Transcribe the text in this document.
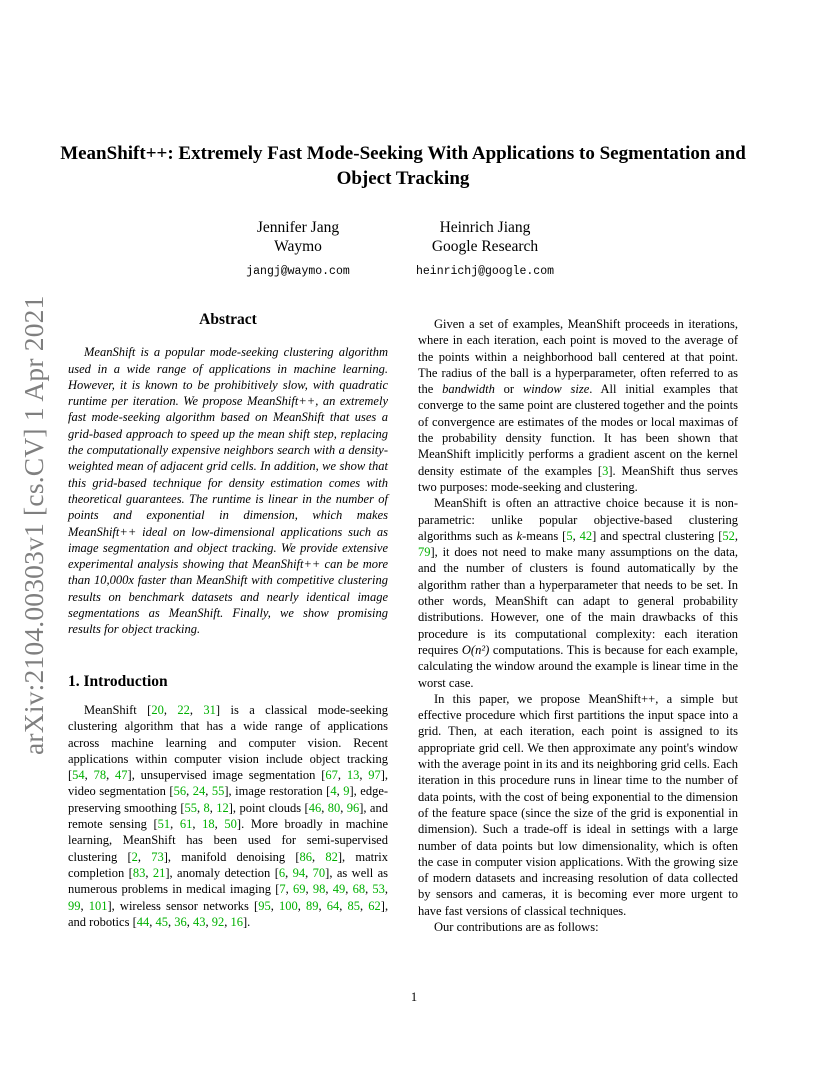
arXiv:2104.00303v1 [cs.CV] 1 Apr 2021
MeanShift++: Extremely Fast Mode-Seeking With Applications to Segmentation and Object Tracking
Jennifer Jang
Waymo
jangj@waymo.com
Heinrich Jiang
Google Research
heinrichj@google.com
Abstract

MeanShift is a popular mode-seeking clustering algorithm used in a wide range of applications in machine learning. However, it is known to be prohibitively slow, with quadratic runtime per iteration. We propose MeanShift++, an extremely fast mode-seeking algorithm based on MeanShift that uses a grid-based approach to speed up the mean shift step, replacing the computationally expensive neighbors search with a density-weighted mean of adjacent grid cells. In addition, we show that this grid-based technique for density estimation comes with theoretical guarantees. The runtime is linear in the number of points and exponential in dimension, which makes MeanShift++ ideal on low-dimensional applications such as image segmentation and object tracking. We provide extensive experimental analysis showing that MeanShift++ can be more than 10,000x faster than MeanShift with competitive clustering results on benchmark datasets and nearly identical image segmentations as MeanShift. Finally, we show promising results for object tracking.

1. Introduction

MeanShift [20, 22, 31] is a classical mode-seeking clustering algorithm that has a wide range of applications across machine learning and computer vision. Recent applications within computer vision include object tracking [54, 78, 47], unsupervised image segmentation [67, 13, 97], video segmentation [56, 24, 55], image restoration [4, 9], edge-preserving smoothing [55, 8, 12], point clouds [46, 80, 96], and remote sensing [51, 61, 18, 50]. More broadly in machine learning, MeanShift has been used for semi-supervised clustering [2, 73], manifold denoising [86, 82], matrix completion [83, 21], anomaly detection [6, 94, 70], as well as numerous problems in medical imaging [7, 69, 98, 49, 68, 53, 99, 101], wireless sensor networks [95, 100, 89, 64, 85, 62], and robotics [44, 45, 36, 43, 92, 16].

Given a set of examples, MeanShift proceeds in iterations, where in each iteration, each point is moved to the average of the points within a neighborhood ball centered at that point. The radius of the ball is a hyperparameter, often referred to as the bandwidth or window size. All initial examples that converge to the same point are clustered together and the points of convergence are estimates of the modes or local maximas of the probability density function. It has been shown that MeanShift implicitly performs a gradient ascent on the kernel density estimate of the examples [3]. MeanShift thus serves two purposes: mode-seeking and clustering.

MeanShift is often an attractive choice because it is non-parametric: unlike popular objective-based clustering algorithms such as k-means [5, 42] and spectral clustering [52, 79], it does not need to make many assumptions on the data, and the number of clusters is found automatically by the algorithm rather than a hyperparameter that needs to be set. In other words, MeanShift can adapt to general probability distributions. However, one of the main drawbacks of this procedure is its computational complexity: each iteration requires O(n²) computations. This is because for each example, calculating the window around the example is linear time in the worst case.

In this paper, we propose MeanShift++, a simple but effective procedure which first partitions the input space into a grid. Then, at each iteration, each point is assigned to its appropriate grid cell. We then approximate any point's window with the average point in its and its neighboring grid cells. Each iteration in this procedure runs in linear time to the number of data points, with the cost of being exponential to the dimension of the feature space (since the size of the grid is exponential in dimension). Such a trade-off is ideal in settings with a large number of data points but low dimensionality, which is often the case in computer vision applications. With the growing size of modern datasets and increasing resolution of data collected by sensors and cameras, it is becoming ever more urgent to have fast versions of classical techniques.

Our contributions are as follows:

1
